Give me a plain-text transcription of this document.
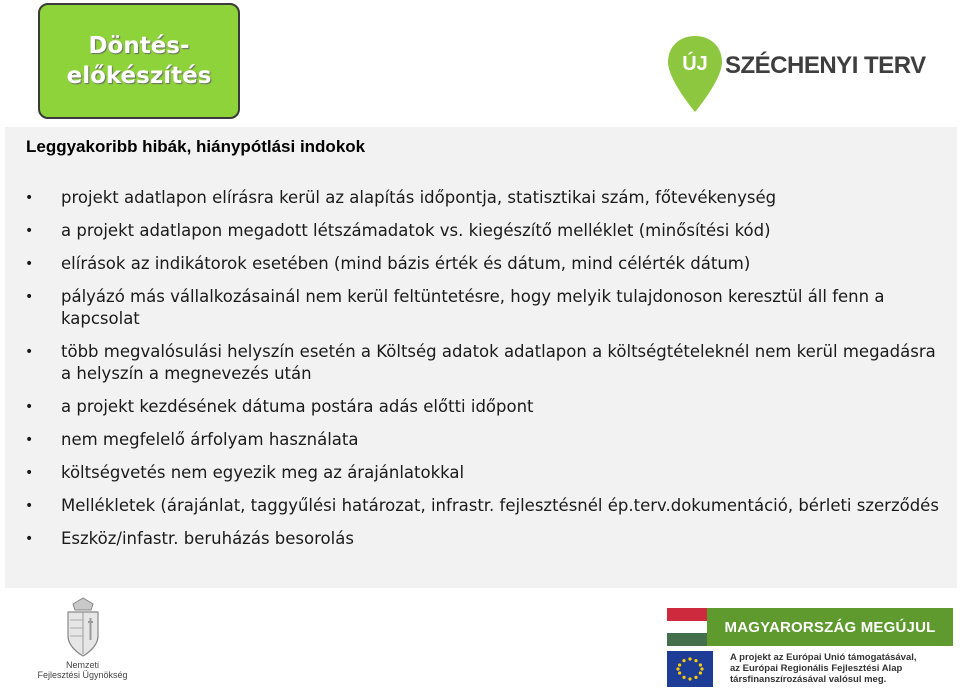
Döntés-
előkészítés	ÚJ SZÉCHENYI TERV
Leggyakoribb hibák, hiánypótlási indokok
• projekt adatlapon elírásra kerül az alapítás időpontja, statisztikai szám, főtevékenység
• a projekt adatlapon megadott létszámadatok vs. kiegészítő melléklet (minősítési kód)
• elírások az indikátorok esetében (mind bázis érték és dátum, mind célérték dátum)
• pályázó más vállalkozásainál nem kerül feltüntetésre, hogy melyik tulajdonoson keresztül áll fenn a kapcsolat
• több megvalósulási helyszín esetén a Költség adatok adatlapon a költségtételeknél nem kerül megadásra a helyszín a megnevezés után
• a projekt kezdésének dátuma postára adás előtti időpont
• nem megfelelő árfolyam használata
• költségvetés nem egyezik meg az árajánlatokkal
• Mellékletek (árajánlat, taggyűlési határozat, infrastr. fejlesztésnél ép.terv.dokumentáció, bérleti szerződés
• Eszköz/infastr. beruházás besorolás
Nemzeti
Fejlesztési Ügynökség
MAGYARORSZÁG MEGÚJUL
A projekt az Európai Unió támogatásával,
az Európai Regionális Fejlesztési Alap
társfinanszírozásával valósul meg.
